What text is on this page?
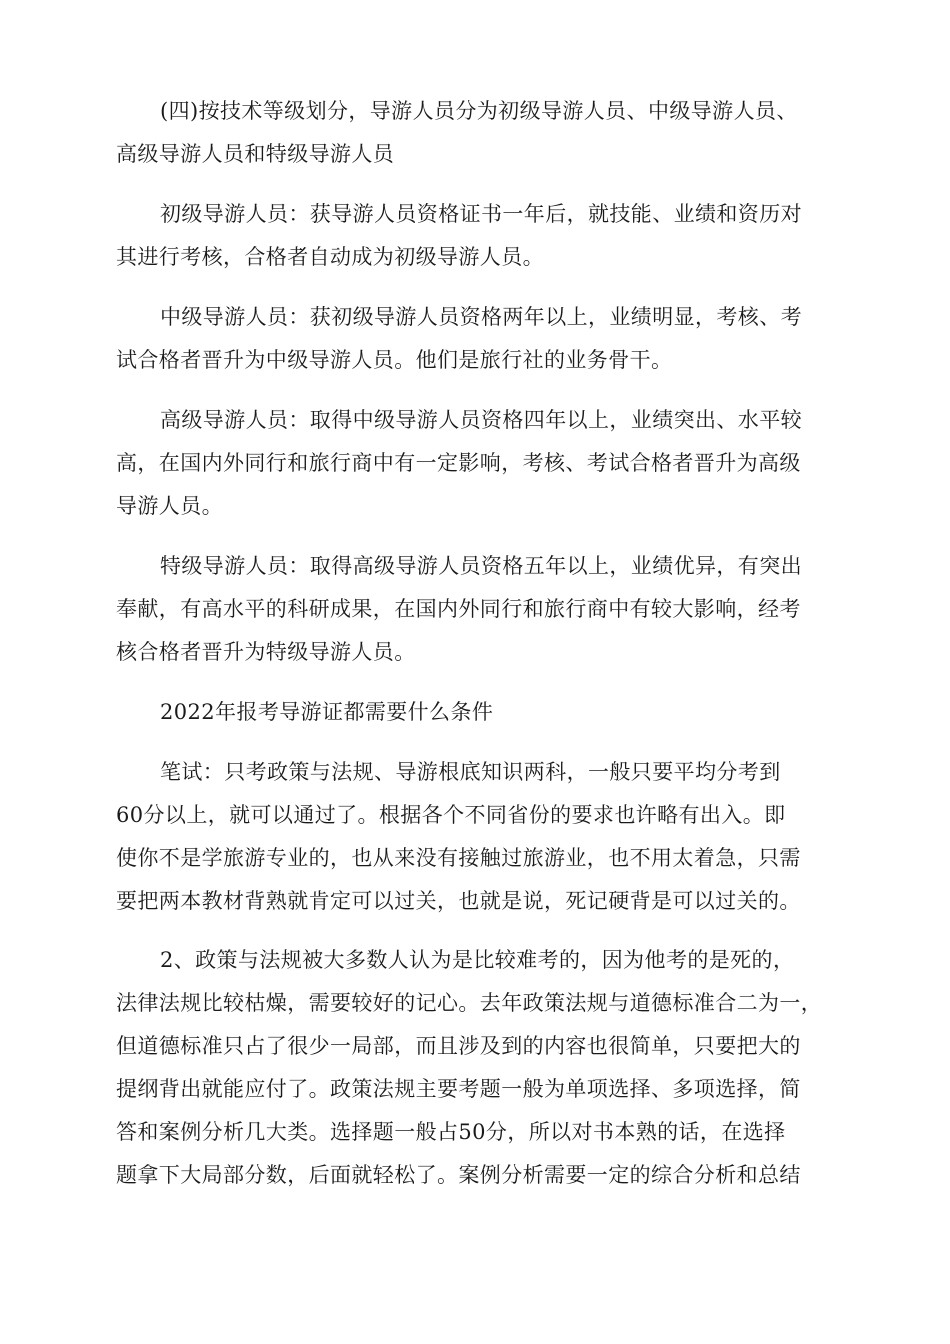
(四)按技术等级划分，导游人员分为初级导游人员、中级导游人员、
高级导游人员和特级导游人员
初级导游人员：获导游人员资格证书一年后，就技能、业绩和资历对
其进行考核，合格者自动成为初级导游人员。
中级导游人员：获初级导游人员资格两年以上，业绩明显，考核、考
试合格者晋升为中级导游人员。他们是旅行社的业务骨干。
高级导游人员：取得中级导游人员资格四年以上，业绩突出、水平较
高，在国内外同行和旅行商中有一定影响，考核、考试合格者晋升为高级
导游人员。
特级导游人员：取得高级导游人员资格五年以上，业绩优异，有突出
奉献，有高水平的科研成果，在国内外同行和旅行商中有较大影响，经考
核合格者晋升为特级导游人员。
2022年报考导游证都需要什么条件
笔试：只考政策与法规、导游根底知识两科，一般只要平均分考到
60分以上，就可以通过了。根据各个不同省份的要求也许略有出入。即
使你不是学旅游专业的，也从来没有接触过旅游业，也不用太着急，只需
要把两本教材背熟就肯定可以过关，也就是说，死记硬背是可以过关的。
2、政策与法规被大多数人认为是比较难考的，因为他考的是死的，
法律法规比较枯燥，需要较好的记心。去年政策法规与道德标准合二为一，
但道德标准只占了很少一局部，而且涉及到的内容也很简单，只要把大的
提纲背出就能应付了。政策法规主要考题一般为单项选择、多项选择，简
答和案例分析几大类。选择题一般占50分，所以对书本熟的话，在选择
题拿下大局部分数，后面就轻松了。案例分析需要一定的综合分析和总结
